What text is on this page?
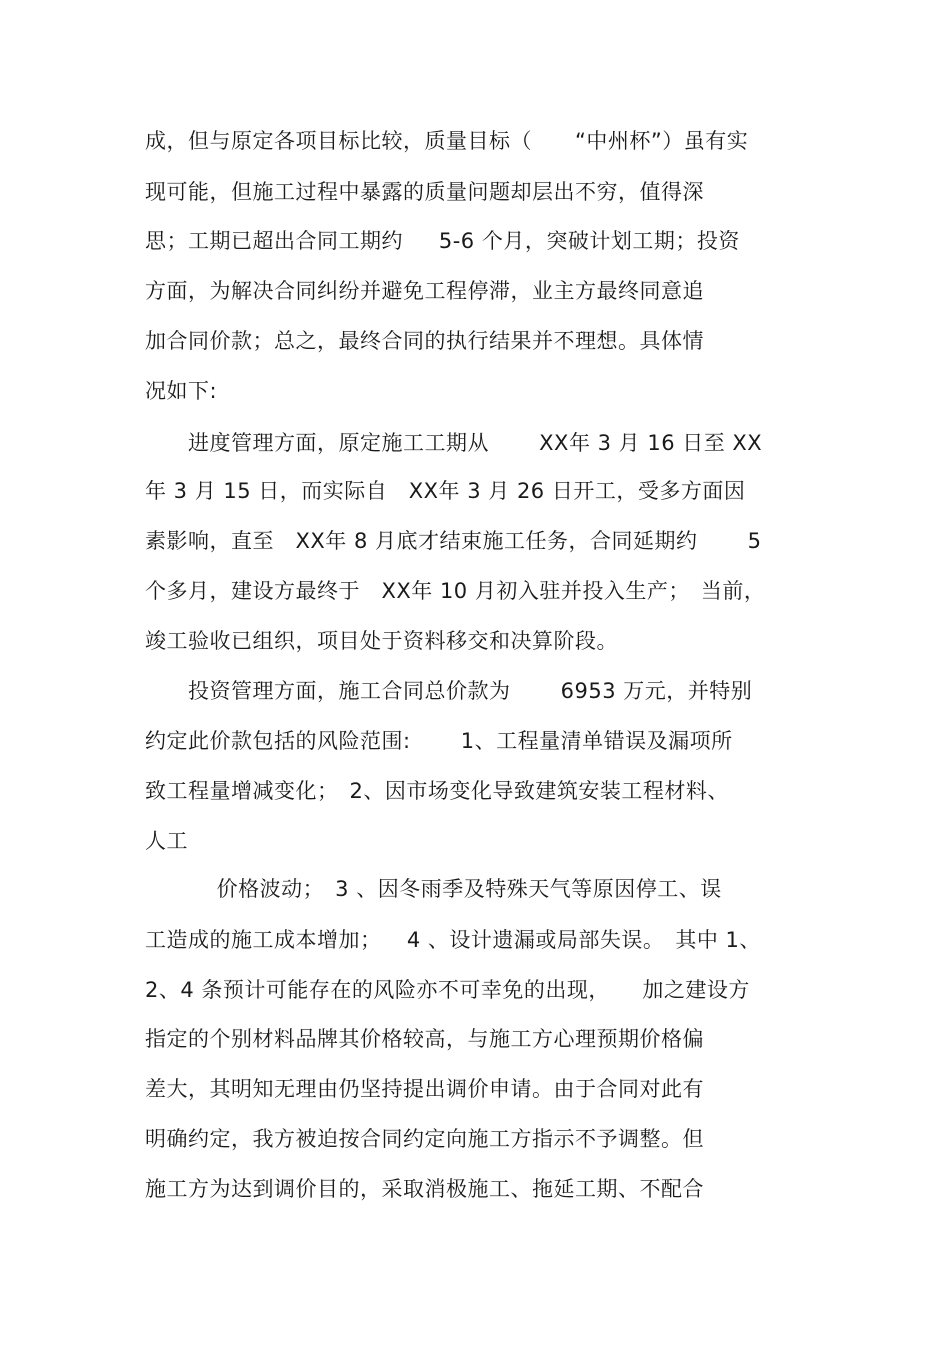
成，但与原定各项目标比较，质量目标（　　“中州杯”）虽有实
现可能，但施工过程中暴露的质量问题却层出不穷，值得深
思；工期已超出合同工期约　  5-6 个月，突破计划工期；投资
方面，为解决合同纠纷并避免工程停滞，业主方最终同意追
加合同价款；总之，最终合同的执行结果并不理想。具体情
况如下:
　　进度管理方面，原定施工工期从　　 XX年 3 月 16 日至 XX
年 3 月 15 日，而实际自　XX年 3 月 26 日开工，受多方面因
素影响，直至　XX年 8 月底才结束施工任务，合同延期约　　 5
个多月，建设方最终于　XX年 10 月初入驻并投入生产；　当前，
竣工验收已组织，项目处于资料移交和决算阶段。
　　投资管理方面，施工合同总价款为　　 6953 万元，并特别
约定此价款包括的风险范围:　　 1、工程量清单错误及漏项所
致工程量增减变化；　2、因市场变化导致建筑安装工程材料、
人工
　　　 价格波动；　3 、因冬雨季及特殊天气等原因停工、误
工造成的施工成本增加；　  4 、设计遗漏或局部失误。　其中 1、
2、4 条预计可能存在的风险亦不可幸免的出现，　　加之建设方
指定的个别材料品牌其价格较高，与施工方心理预期价格偏
差大，其明知无理由仍坚持提出调价申请。由于合同对此有
明确约定，我方被迫按合同约定向施工方指示不予调整。但
施工方为达到调价目的，采取消极施工、拖延工期、不配合
